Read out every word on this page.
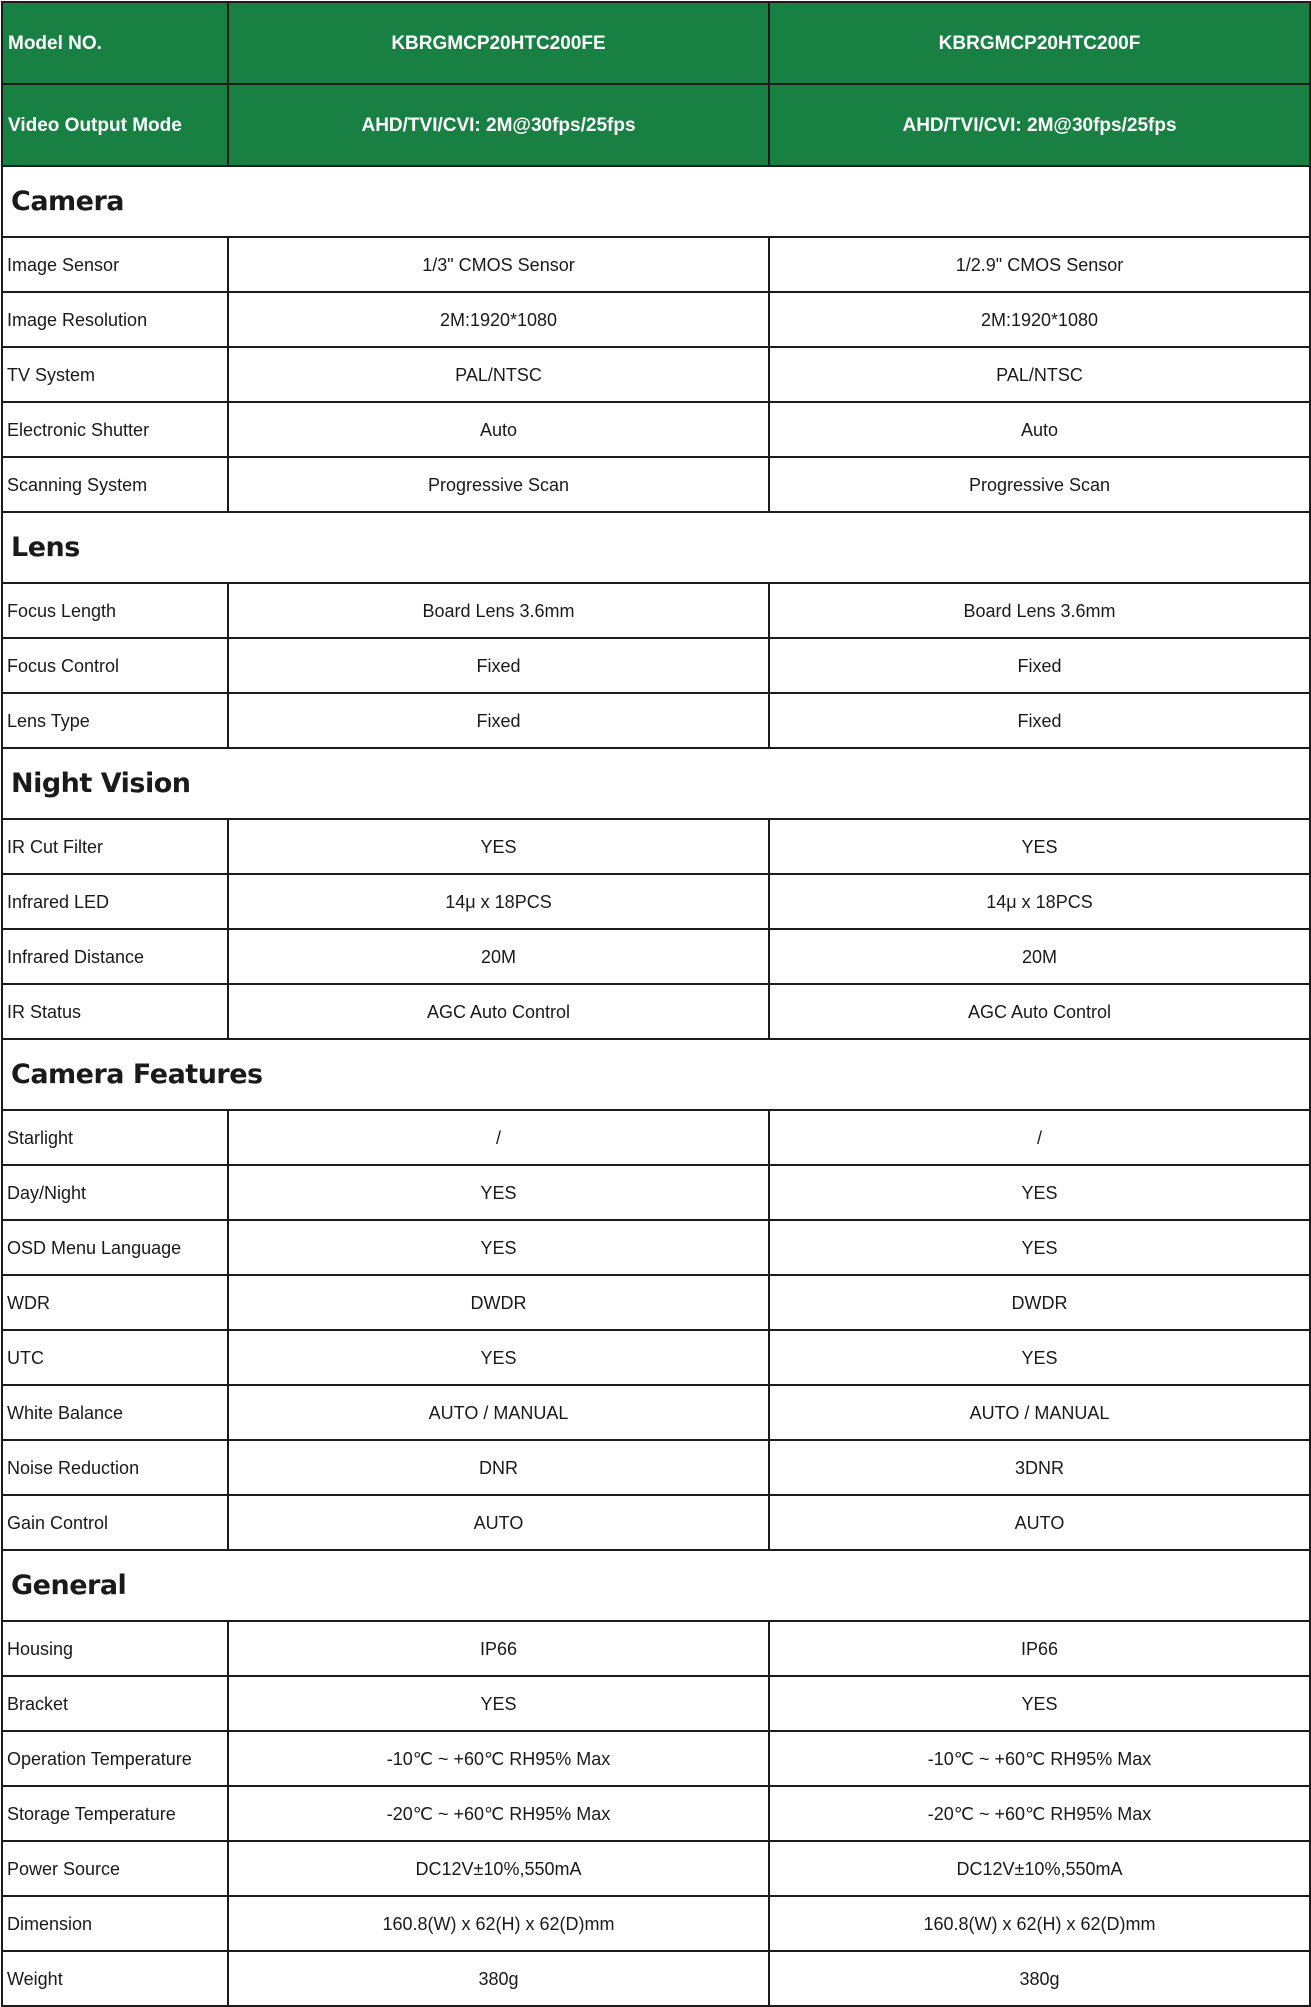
Model NO.	KBRGMCP20HTC200FE	KBRGMCP20HTC200F
Video Output Mode	AHD/TVI/CVI: 2M@30fps/25fps	AHD/TVI/CVI: 2M@30fps/25fps
Camera		
Image Sensor	1/3" CMOS Sensor	1/2.9" CMOS Sensor
Image Resolution	2M:1920*1080	2M:1920*1080
TV System	PAL/NTSC	PAL/NTSC
Electronic Shutter	Auto	Auto
Scanning System	Progressive Scan	Progressive Scan
Lens		
Focus Length	Board Lens 3.6mm	Board Lens 3.6mm
Focus Control	Fixed	Fixed
Lens Type	Fixed	Fixed
Night Vision		
IR Cut Filter	YES	YES
Infrared LED	14μ x 18PCS	14μ x 18PCS
Infrared Distance	20M	20M
IR Status	AGC Auto Control	AGC Auto Control
Camera Features		
Starlight	/	/
Day/Night	YES	YES
OSD Menu Language	YES	YES
WDR	DWDR	DWDR
UTC	YES	YES
White Balance	AUTO / MANUAL	AUTO / MANUAL
Noise Reduction	DNR	3DNR
Gain Control	AUTO	AUTO
General		
Housing	IP66	IP66
Bracket	YES	YES
Operation Temperature	-10℃ ~ +60℃ RH95% Max	-10℃ ~ +60℃ RH95% Max
Storage Temperature	-20℃ ~ +60℃ RH95% Max	-20℃ ~ +60℃ RH95% Max
Power Source	DC12V±10%,550mA	DC12V±10%,550mA
Dimension	160.8(W) x 62(H) x 62(D)mm	160.8(W) x 62(H) x 62(D)mm
Weight	380g	380g
